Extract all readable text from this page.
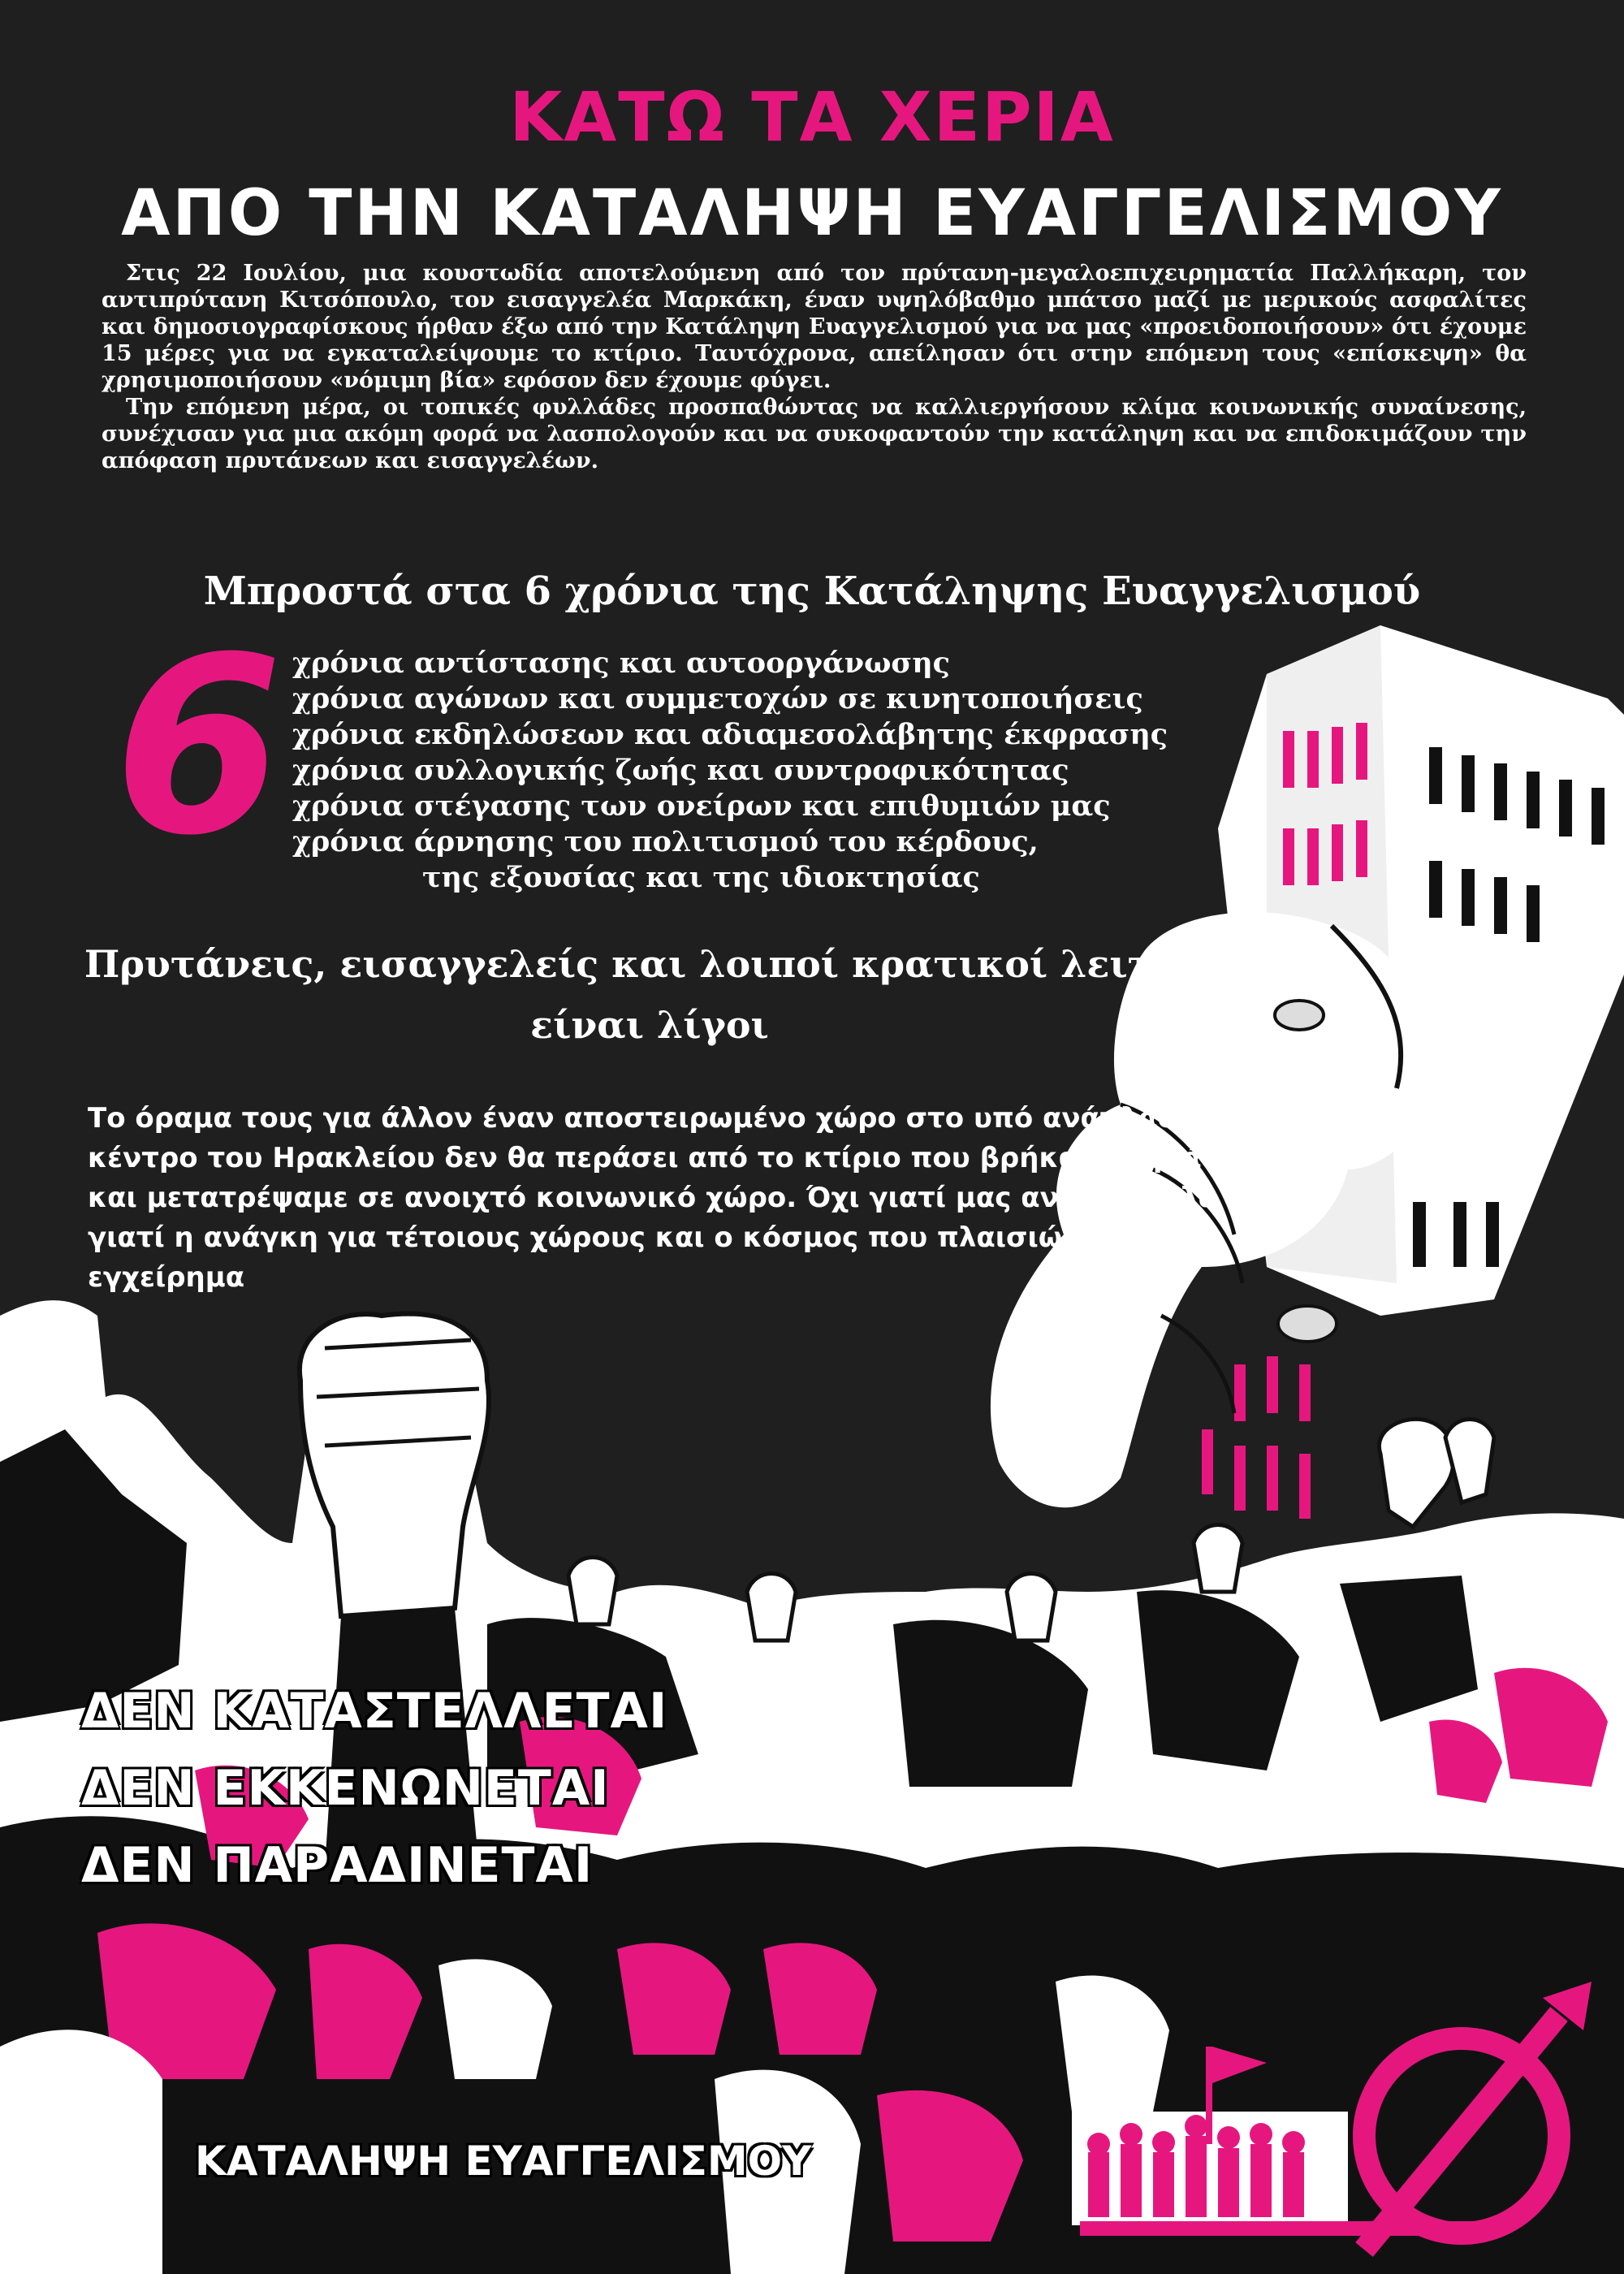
ΚΑΤΩ ΤΑ ΧΕΡΙΑ
ΑΠΟ ΤΗΝ ΚΑΤΑΛΗΨΗ ΕΥΑΓΓΕΛΙΣΜΟΥ

Στις 22 Ιουλίου, μια κουστωδία αποτελούμενη από τον πρύτανη-μεγαλοεπιχειρηματία Παλλήκαρη, τον αντιπρύτανη Κιτσόπουλο, τον εισαγγελέα Μαρκάκη, έναν υψηλόβαθμο μπάτσο μαζί με μερικούς ασφαλίτες και δημοσιογραφίσκους ήρθαν έξω από την Κατάληψη Ευαγγελισμού για να μας «προειδοποιήσουν» ότι έχουμε 15 μέρες για να εγκαταλείψουμε το κτίριο. Ταυτόχρονα, απείλησαν ότι στην επόμενη τους «επίσκεψη» θα χρησιμοποιήσουν «νόμιμη βία» εφόσον δεν έχουμε φύγει.

Την επόμενη μέρα, οι τοπικές φυλλάδες προσπαθώντας να καλλιεργήσουν κλίμα κοινωνικής συναίνεσης, συνέχισαν για μια ακόμη φορά να λασπολογούν και να συκοφαντούν την κατάληψη και να επιδοκιμάζουν την απόφαση πρυτάνεων και εισαγγελέων.

Μπροστά στα 6 χρόνια της Κατάληψης Ευαγγελισμού
6 χρόνια αντίστασης και αυτοοργάνωσης
χρόνια αγώνων και συμμετοχών σε κινητοποιήσεις
χρόνια εκδηλώσεων και αδιαμεσολάβητης έκφρασης
χρόνια συλλογικής ζωής και συντροφικότητας
χρόνια στέγασης των ονείρων και επιθυμιών μας
χρόνια άρνησης του πολιτισμού του κέρδους,
της εξουσίας και της ιδιοκτησίας
Πρυτάνεις, εισαγγελείς και λοιποί κρατικοί λειτουργοί
είναι λίγοι
Το όραμα τους για άλλον έναν αποστειρωμένο χώρο στο υπό ανάπλαση
κέντρο του Ηρακλείου δεν θα περάσει από το κτίριο που βρήκαμε ρημάδι
και μετατρέψαμε σε ανοιχτό κοινωνικό χώρο. Όχι γιατί μας ανήκει, αλλά
γιατί η ανάγκη για τέτοιους χώρους και ο κόσμος που πλαισιώνει το όλο
εγχείρημα
ΔΕΝ ΚΑΤΑΣΤΕΛΛΕΤΑΙ
ΔΕΝ ΕΚΚΕΝΩΝΕΤΑΙ
ΔΕΝ ΠΑΡΑΔΙΝΕΤΑΙ
ΚΑΤΑΛΗΨΗ ΕΥΑΓΓΕΛΙΣΜΟΥ
